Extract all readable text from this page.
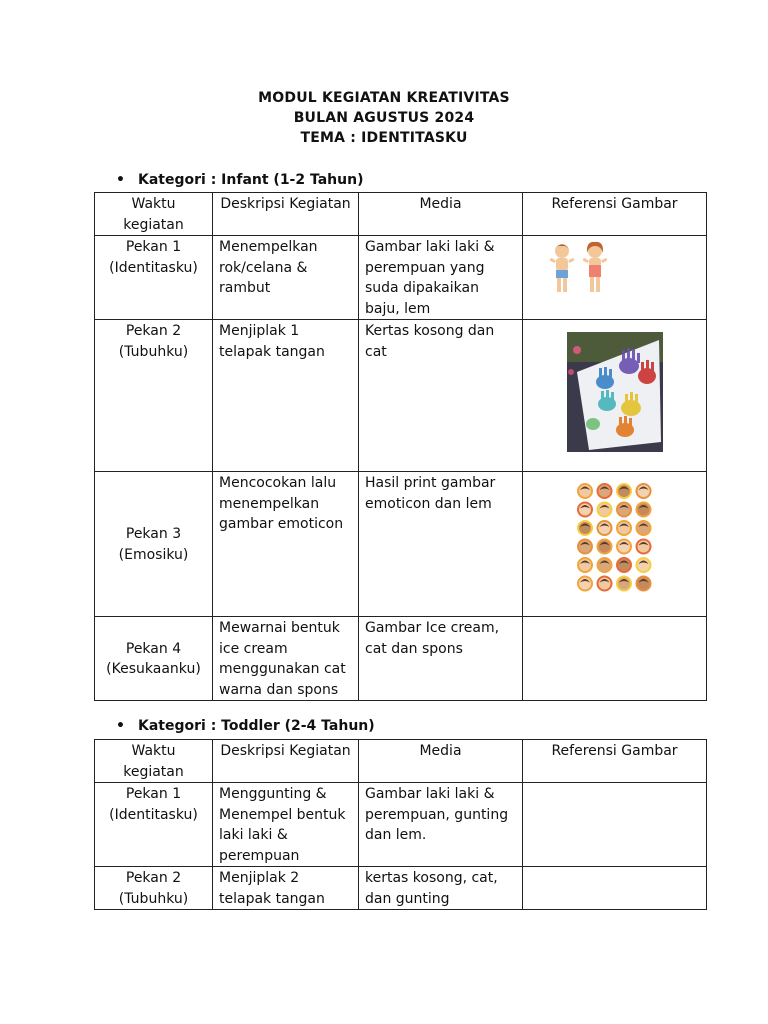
MODUL KEGIATAN KREATIVITAS
BULAN AGUSTUS 2024
TEMA : IDENTITASKU
• Kategori : Infant (1-2 Tahun)
Waktu kegiatan	Deskripsi Kegiatan	Media	Referensi Gambar

Pekan 1
(Identitasku)	Menempelkan rok/celana & rambut	Gambar laki laki & perempuan yang suda dipakaikan baju, lem	

Pekan 2
(Tubuhku)	Menjiplak 1 telapak tangan	Kertas kosong dan cat	

Pekan 3
(Emosiku)	Mencocokan lalu menempelkan gambar emoticon	Hasil print gambar emoticon dan lem	

Pekan 4
(Kesukaanku)	Mewarnai bentuk ice cream menggunakan cat warna dan spons	Gambar Ice cream, cat dan spons	
• Kategori : Toddler (2-4 Tahun)
Waktu kegiatan	Deskripsi Kegiatan	Media	Referensi Gambar

Pekan 1
(Identitasku)	Menggunting & Menempel bentuk laki laki & perempuan	Gambar laki laki & perempuan, gunting dan lem.	

Pekan 2
(Tubuhku)	Menjiplak 2 telapak tangan	kertas kosong, cat, dan gunting	
